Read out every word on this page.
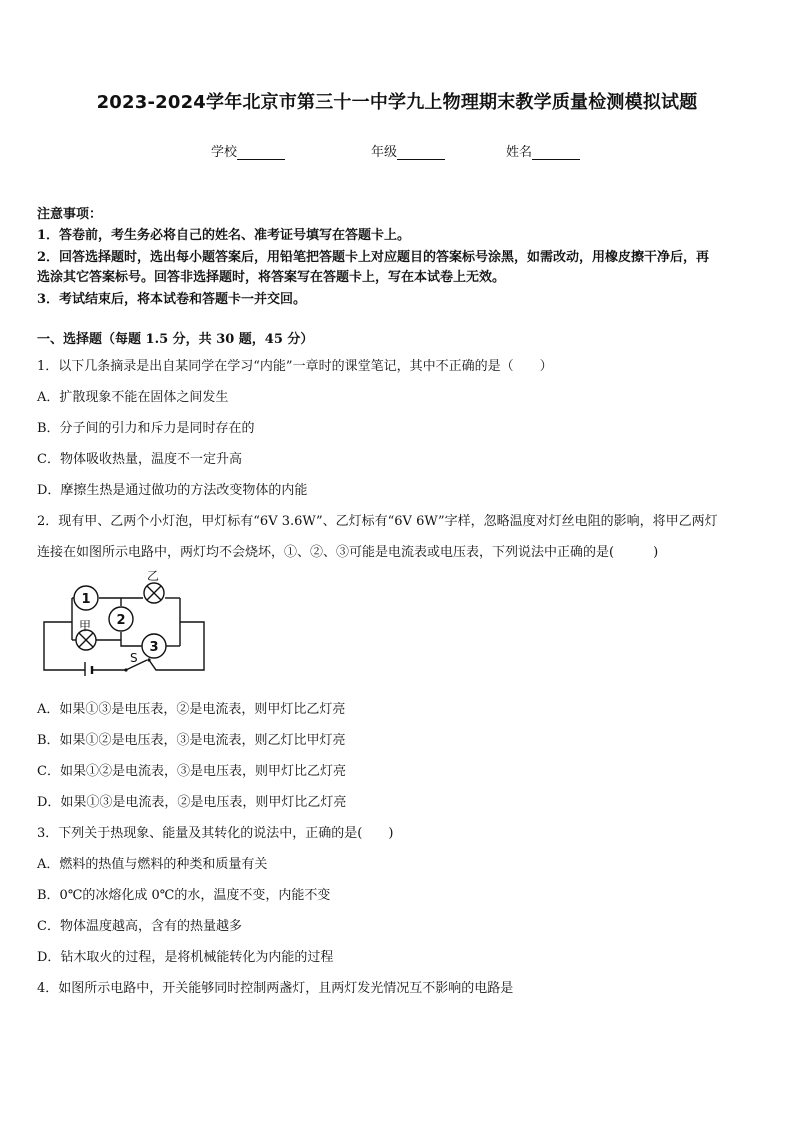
2023-2024学年北京市第三十一中学九上物理期末教学质量检测模拟试题
学校	年级	姓名
注意事项：
1．答卷前，考生务必将自己的姓名、准考证号填写在答题卡上。
2．回答选择题时，选出每小题答案后，用铅笔把答题卡上对应题目的答案标号涂黑，如需改动，用橡皮擦干净后，再
选涂其它答案标号。回答非选择题时，将答案写在答题卡上，写在本试卷上无效。
3．考试结束后，将本试卷和答题卡一并交回。
一、选择题（每题 1.5 分，共 30 题，45 分）
1．以下几条摘录是出自某同学在学习“内能”一章时的课堂笔记，其中不正确的是（　　）
A．扩散现象不能在固体之间发生
B．分子间的引力和斥力是同时存在的
C．物体吸收热量，温度不一定升高
D．摩擦生热是通过做功的方法改变物体的内能
2．现有甲、乙两个小灯泡，甲灯标有“6V 3.6W”、乙灯标有“6V 6W”字样，忽略温度对灯丝电阻的影响，将甲乙两灯
连接在如图所示电路中，两灯均不会烧坏，①、②、③可能是电流表或电压表，下列说法中正确的是(　　　)
1
2
3
乙
甲
S
A．如果①③是电压表，②是电流表，则甲灯比乙灯亮
B．如果①②是电压表，③是电流表，则乙灯比甲灯亮
C．如果①②是电流表，③是电压表，则甲灯比乙灯亮
D．如果①③是电流表，②是电压表，则甲灯比乙灯亮
3．下列关于热现象、能量及其转化的说法中，正确的是(　　)
A．燃料的热值与燃料的种类和质量有关
B．0℃的冰熔化成 0℃的水，温度不变，内能不变
C．物体温度越高，含有的热量越多
D．钻木取火的过程，是将机械能转化为内能的过程
4．如图所示电路中，开关能够同时控制两盏灯，且两灯发光情况互不影响的电路是
